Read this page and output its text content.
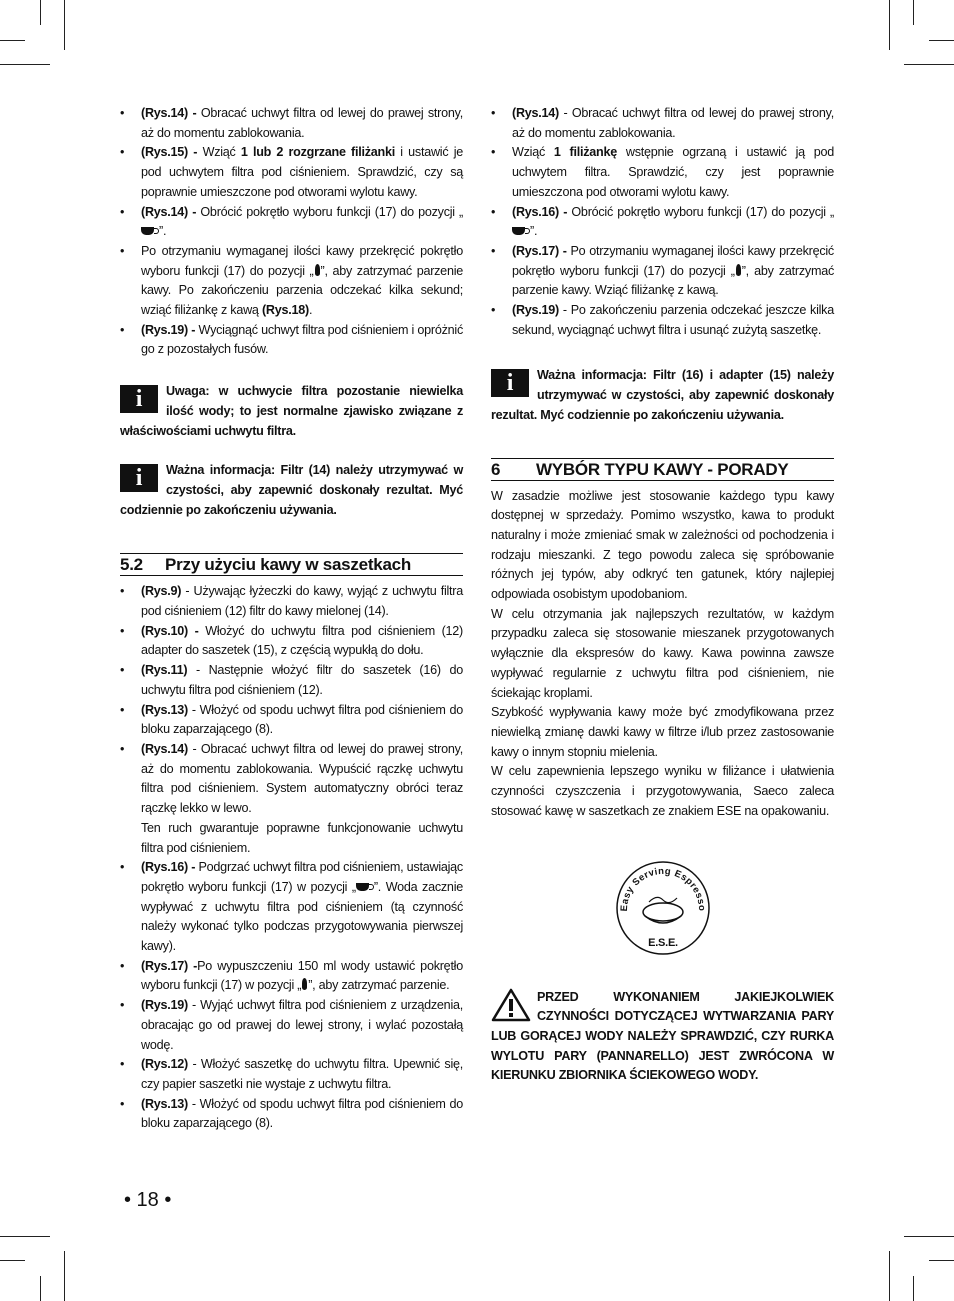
• (Rys.14) - Obracać uchwyt filtra od lewej do prawej strony, aż do momentu zablokowania.
• (Rys.15) - Wziąć 1 lub 2 rozgrzane filiżanki i ustawić je pod uchwytem filtra pod ciśnieniem. Sprawdzić, czy są poprawnie umieszczone pod otworami wylotu kawy.
• (Rys.14) - Obrócić pokrętło wyboru funkcji (17) do pozycji „”.
• Po otrzymaniu wymaganej ilości kawy przekręcić pokrętło wyboru funkcji (17) do pozycji „ ”, aby zatrzymać parzenie kawy. Po zakończeniu parzenia odczekać kilka sekund; wziąć filiżankę z kawą (Rys.18).
• (Rys.19) - Wyciągnąć uchwyt filtra pod ciśnieniem i opróżnić go z pozostałych fusów.
i	Uwaga: w uchwycie filtra pozostanie niewielka ilość wody; to jest normalne zjawisko związane z właściwościami uchwytu filtra.
i	Ważna informacja: Filtr (14) należy utrzymywać w czystości, aby zapewnić doskonały rezultat. Myć codziennie po zakończeniu używania.
5.2	Przy użyciu kawy w saszetkach
• (Rys.9) - Używając łyżeczki do kawy, wyjąć z uchwytu filtra pod ciśnieniem (12) filtr do kawy mielonej (14).
• (Rys.10) - Włożyć do uchwytu filtra pod ciśnieniem (12) adapter do saszetek (15), z częścią wypukłą do dołu.
• (Rys.11) - Następnie włożyć filtr do saszetek (16) do uchwytu filtra pod ciśnieniem (12).
• (Rys.13) - Włożyć od spodu uchwyt filtra pod ciśnieniem do bloku zaparzającego (8).
• (Rys.14) - Obracać uchwyt filtra od lewej do prawej strony, aż do momentu zablokowania. Wypuścić rączkę uchwytu filtra pod ciśnieniem. System automatyczny obróci teraz rączkę lekko w lewo.
Ten ruch gwarantuje poprawne funkcjonowanie uchwytu filtra pod ciśnieniem.
• (Rys.16) - Podgrzać uchwyt filtra pod ciśnieniem, ustawiając pokrętło wyboru funkcji (17) w pozycji „ ”. Woda zacznie wypływać z uchwytu filtra pod ciśnieniem (tą czynność należy wykonać tylko podczas przygotowywania pierwszej kawy).
• (Rys.17) -Po wypuszczeniu 150 ml wody ustawić pokrętło wyboru funkcji (17) w pozycji „ ”, aby zatrzymać parzenie.
• (Rys.19) - Wyjąć uchwyt filtra pod ciśnieniem z urządzenia, obracając go od prawej do lewej strony, i wylać pozostałą wodę.
• (Rys.12) - Włożyć saszetkę do uchwytu filtra. Upewnić się, czy papier saszetki nie wystaje z uchwytu filtra.
• (Rys.13) - Włożyć od spodu uchwyt filtra pod ciśnieniem do bloku zaparzającego (8).
• (Rys.14) - Obracać uchwyt filtra od lewej do prawej strony, aż do momentu zablokowania.
• Wziąć 1 filiżankę wstępnie ogrzaną i ustawić ją pod uchwytem filtra. Sprawdzić, czy jest poprawnie umieszczona pod otworami wylotu kawy.
• (Rys.16) - Obrócić pokrętło wyboru funkcji (17) do pozycji „”.
• (Rys.17) - Po otrzymaniu wymaganej ilości kawy przekręcić pokrętło wyboru funkcji (17) do pozycji „ ”, aby zatrzymać parzenie kawy. Wziąć filiżankę z kawą.
• (Rys.19) - Po zakończeniu parzenia odczekać jeszcze kilka sekund, wyciągnąć uchwyt filtra i usunąć zużytą saszetkę.
i	Ważna informacja: Filtr (16) i adapter (15) należy utrzymywać w czystości, aby zapewnić doskonały rezultat. Myć codziennie po zakończeniu używania.
6	WYBÓR TYPU KAWY - PORADY

W zasadzie możliwe jest stosowanie każdego typu kawy dostępnej w sprzedaży. Pomimo wszystko, kawa to produkt naturalny i może zmieniać smak w zależności od pochodzenia i rodzaju mieszanki. Z tego powodu zaleca się spróbowanie różnych jej typów, aby odkryć ten gatunek, który najlepiej odpowiada osobistym upodobaniom.

W celu otrzymania jak najlepszych rezultatów, w każdym przypadku zaleca się stosowanie mieszanek przygotowanych wyłącznie dla ekspresów do kawy. Kawa powinna zawsze wypływać regularnie z uchwytu filtra pod ciśnieniem, nie ściekając kroplami.

Szybkość wypływania kawy może być zmodyfikowana przez niewielką zmianę dawki kawy w filtrze i/lub przez zastosowanie kawy o innym stopniu mielenia.

W celu zapewnienia lepszego wyniku w filiżance i ułatwienia czynności czyszczenia i przygotowywania, Saeco zaleca stosować kawę w saszetkach ze znakiem ESE na opakowaniu.

Easy Serving Espresso
E.S.E.
PRZED WYKONANIEM JAKIEJKOLWIEK CZYNNOŚCI DOTYCZĄCEJ WYTWARZANIA PARY LUB GORĄCEJ WODY NALEŻY SPRAWDZIĆ, CZY RURKA WYLOTU PARY (PANNARELLO) JEST ZWRÓCONA W KIERUNKU ZBIORNIKA ŚCIEKOWEGO WODY.
• 18 •
